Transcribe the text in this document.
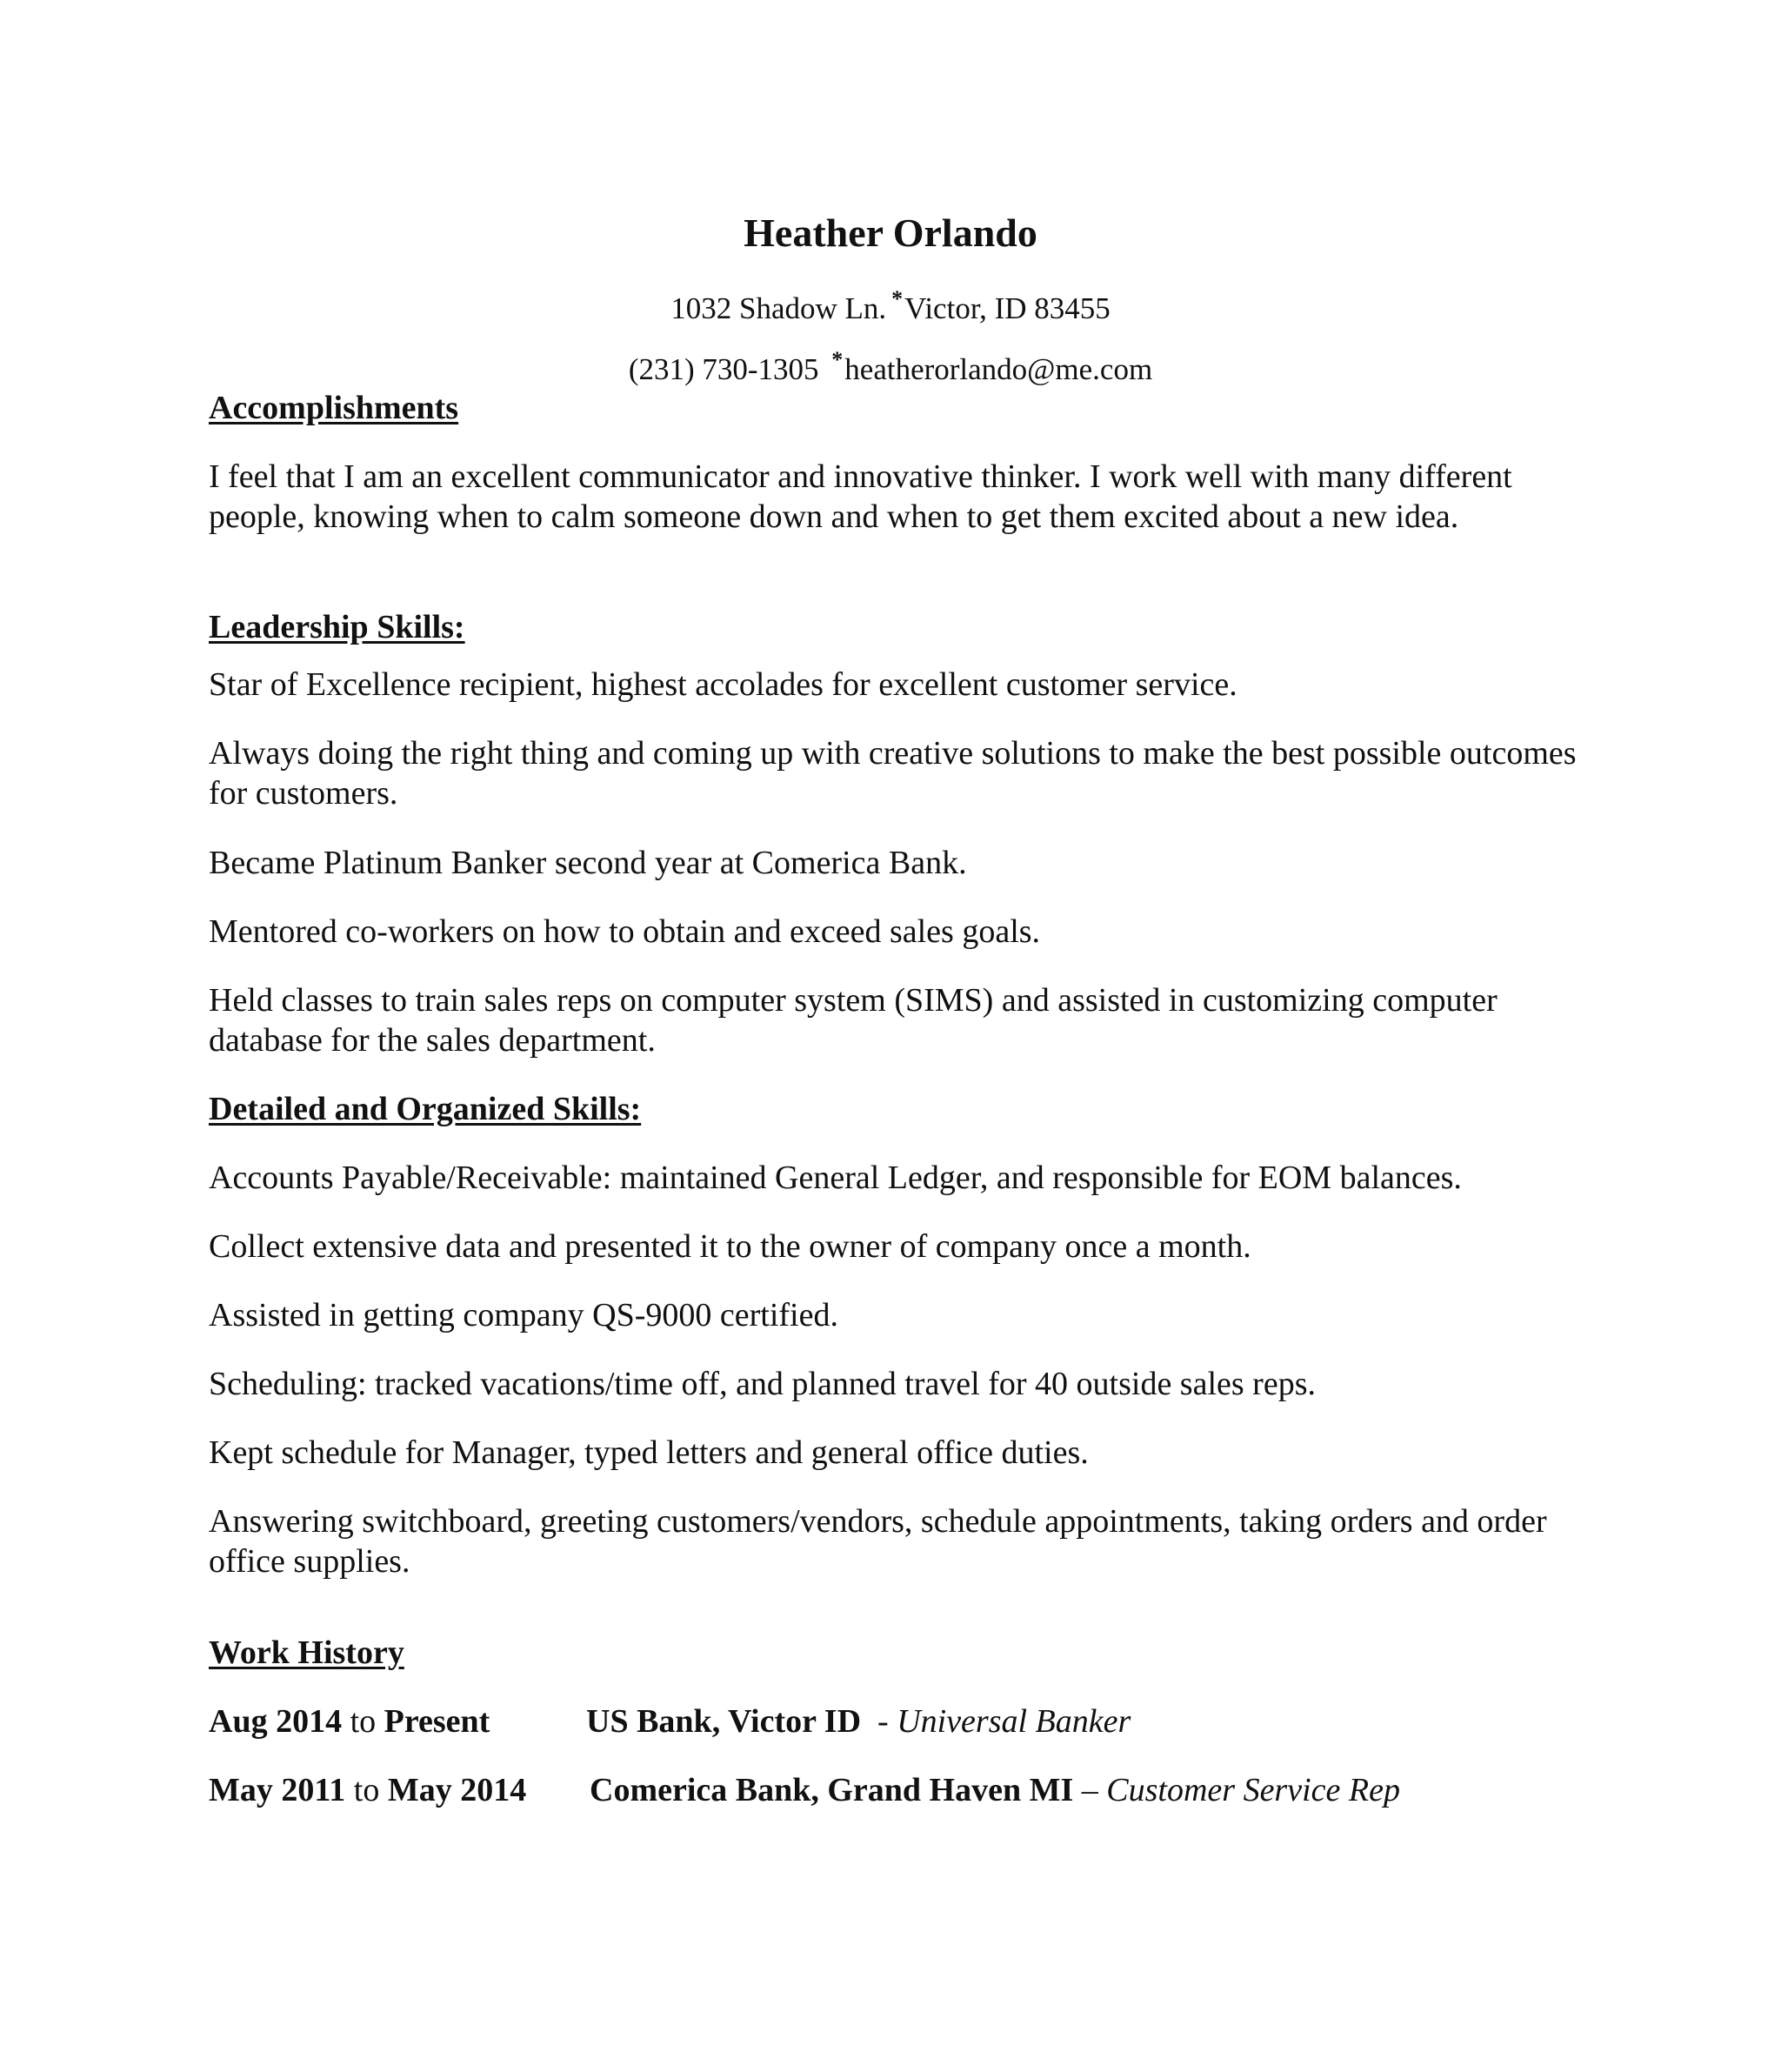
Heather Orlando
1032 Shadow Ln. *Victor, ID 83455
(231) 730-1305 *heatherorlando@me.com
Accomplishments
I feel that I am an excellent communicator and innovative thinker. I work well with many different people, knowing when to calm someone down and when to get them excited about a new idea.
Leadership Skills:
Star of Excellence recipient, highest accolades for excellent customer service.
Always doing the right thing and coming up with creative solutions to make the best possible outcomes for customers.
Became Platinum Banker second year at Comerica Bank.
Mentored co-workers on how to obtain and exceed sales goals.
Held classes to train sales reps on computer system (SIMS) and assisted in customizing computer database for the sales department.
Detailed and Organized Skills:
Accounts Payable/Receivable: maintained General Ledger, and responsible for EOM balances.
Collect extensive data and presented it to the owner of company once a month.
Assisted in getting company QS-9000 certified.
Scheduling: tracked vacations/time off, and planned travel for 40 outside sales reps.
Kept schedule for Manager, typed letters and general office duties.
Answering switchboard, greeting customers/vendors, schedule appointments, taking orders and order office supplies.
Work History
Aug 2014 to Present	US Bank, Victor ID - Universal Banker
May 2011 to May 2014 Comerica Bank, Grand Haven MI – Customer Service Rep
